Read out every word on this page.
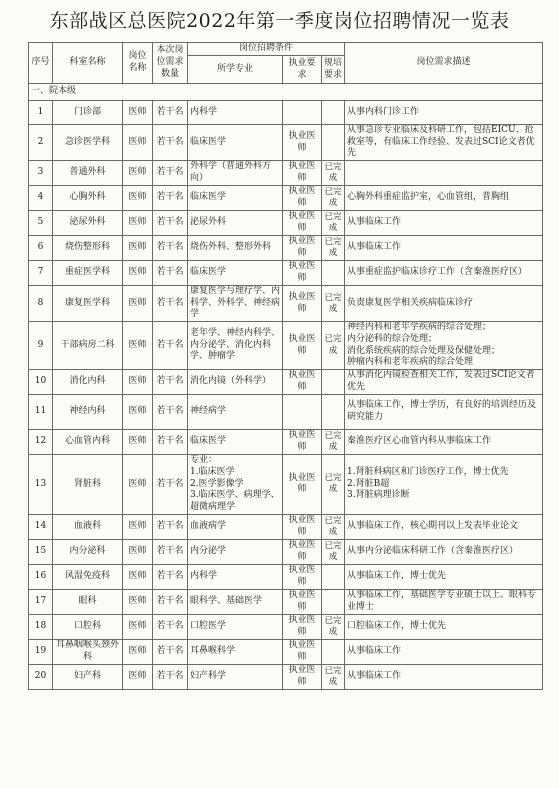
东部战区总医院2022年第一季度岗位招聘情况一览表
序号	科室名称	岗位名称	本次岗位需求数量	岗位招聘条件			岗位需求描述
				所学专业	执业要求	规培要求	
一、院本级							
1	门诊部	医师	若干名	内科学			从事内科门诊工作
2	急诊医学科	医师	若干名	临床医学	执业医师		从事急诊专业临床及科研工作，包括EICU、抢救室等，有临床工作经验、发表过SCI论文者优先
3	普通外科	医师	若干名	外科学（普通外科方向）	执业医师	已完成	
4	心胸外科	医师	若干名	临床医学	执业医师	已完成	心胸外科重症监护室，心血管组，普胸组
5	泌尿外科	医师	若干名	泌尿外科	执业医师	已完成	从事临床工作
6	烧伤整形科	医师	若干名	烧伤外科、整形外科	执业医师	已完成	从事临床工作
7	重症医学科	医师	若干名	临床医学	执业医师		从事重症监护临床诊疗工作（含秦淮医疗区）
8	康复医学科	医师	若干名	康复医学与理疗学、内科学、外科学、神经病学	执业医师	已完成	负责康复医学相关疾病临床诊疗
9	干部病房二科	医师	若干名	老年学、神经内科学、内分泌学、消化内科学、肿瘤学	执业医师	已完成	神经内科和老年学疾病的综合处理；
内分泌科的综合处理；
消化系统疾病的综合处理及保健处理；
肿瘤内科和老年疾病的综合处理
10	消化内科	医师	若干名	消化内镜（外科学）	执业医师		从事消化内镜检查相关工作，发表过SCI论文者优先
11	神经内科	医师	若干名	神经病学			从事临床工作，博士学历，有良好的培训经历及研究能力
12	心血管内科	医师	若干名	临床医学	执业医师	已完成	秦淮医疗区心血管内科从事临床工作
13	肾脏科	医师	若干名	专业：
1.临床医学
2.医学影像学
3.临床医学、病理学、超微病理学	执业医师	已完成	1.肾脏科病区和门诊医疗工作，博士优先
2.肾脏B超
3.肾脏病理诊断
14	血液科	医师	若干名	血液病学	执业医师	已完成	从事临床工作，核心期刊以上发表毕业论文
15	内分泌科	医师	若干名	内分泌学	执业医师	已完成	从事内分泌临床科研工作（含秦淮医疗区）
16	风湿免疫科	医师	若干名	内科学	执业医师		从事临床工作，博士优先
17	眼科	医师	若干名	眼科学、基础医学	执业医师		从事临床工作，基础医学专业硕士以上、眼科专业博士
18	口腔科	医师	若干名	口腔医学	执业医师	已完成	口腔临床工作，博士优先
19	耳鼻咽喉头颈外科	医师	若干名	耳鼻喉科学	执业医师		从事临床工作
20	妇产科	医师	若干名	妇产科学	执业医师	已完成	从事临床工作
